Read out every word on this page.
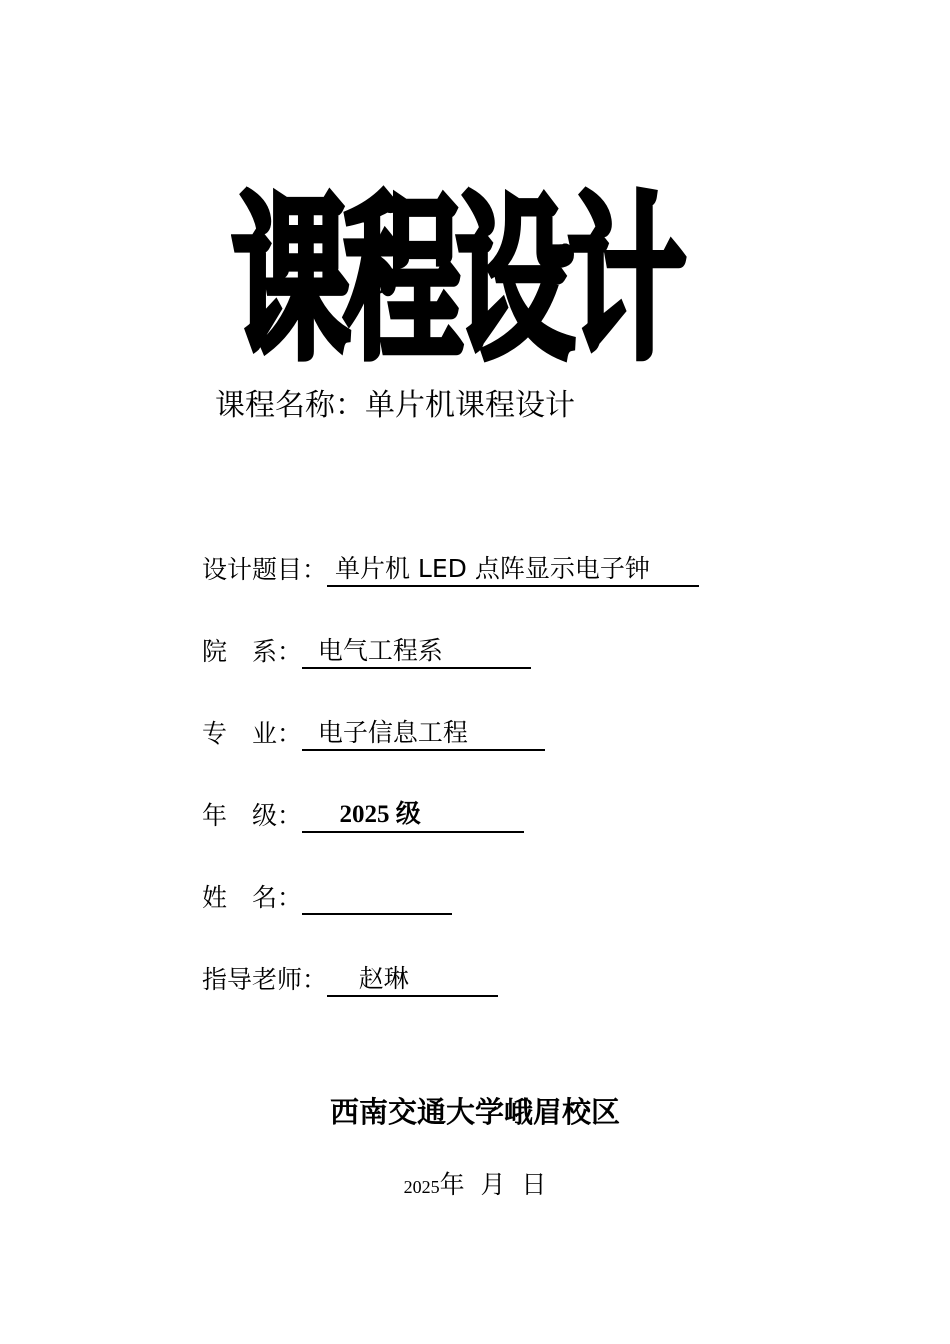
课程设计
课程名称：单片机课程设计
设计题目： 单片机 LED 点阵显示电子钟
院　系：  电气工程系
专　业：  电子信息工程
年　级：      2025 级
姓　名：
指导老师：    赵琳
西南交通大学峨眉校区
2025年 月 日
